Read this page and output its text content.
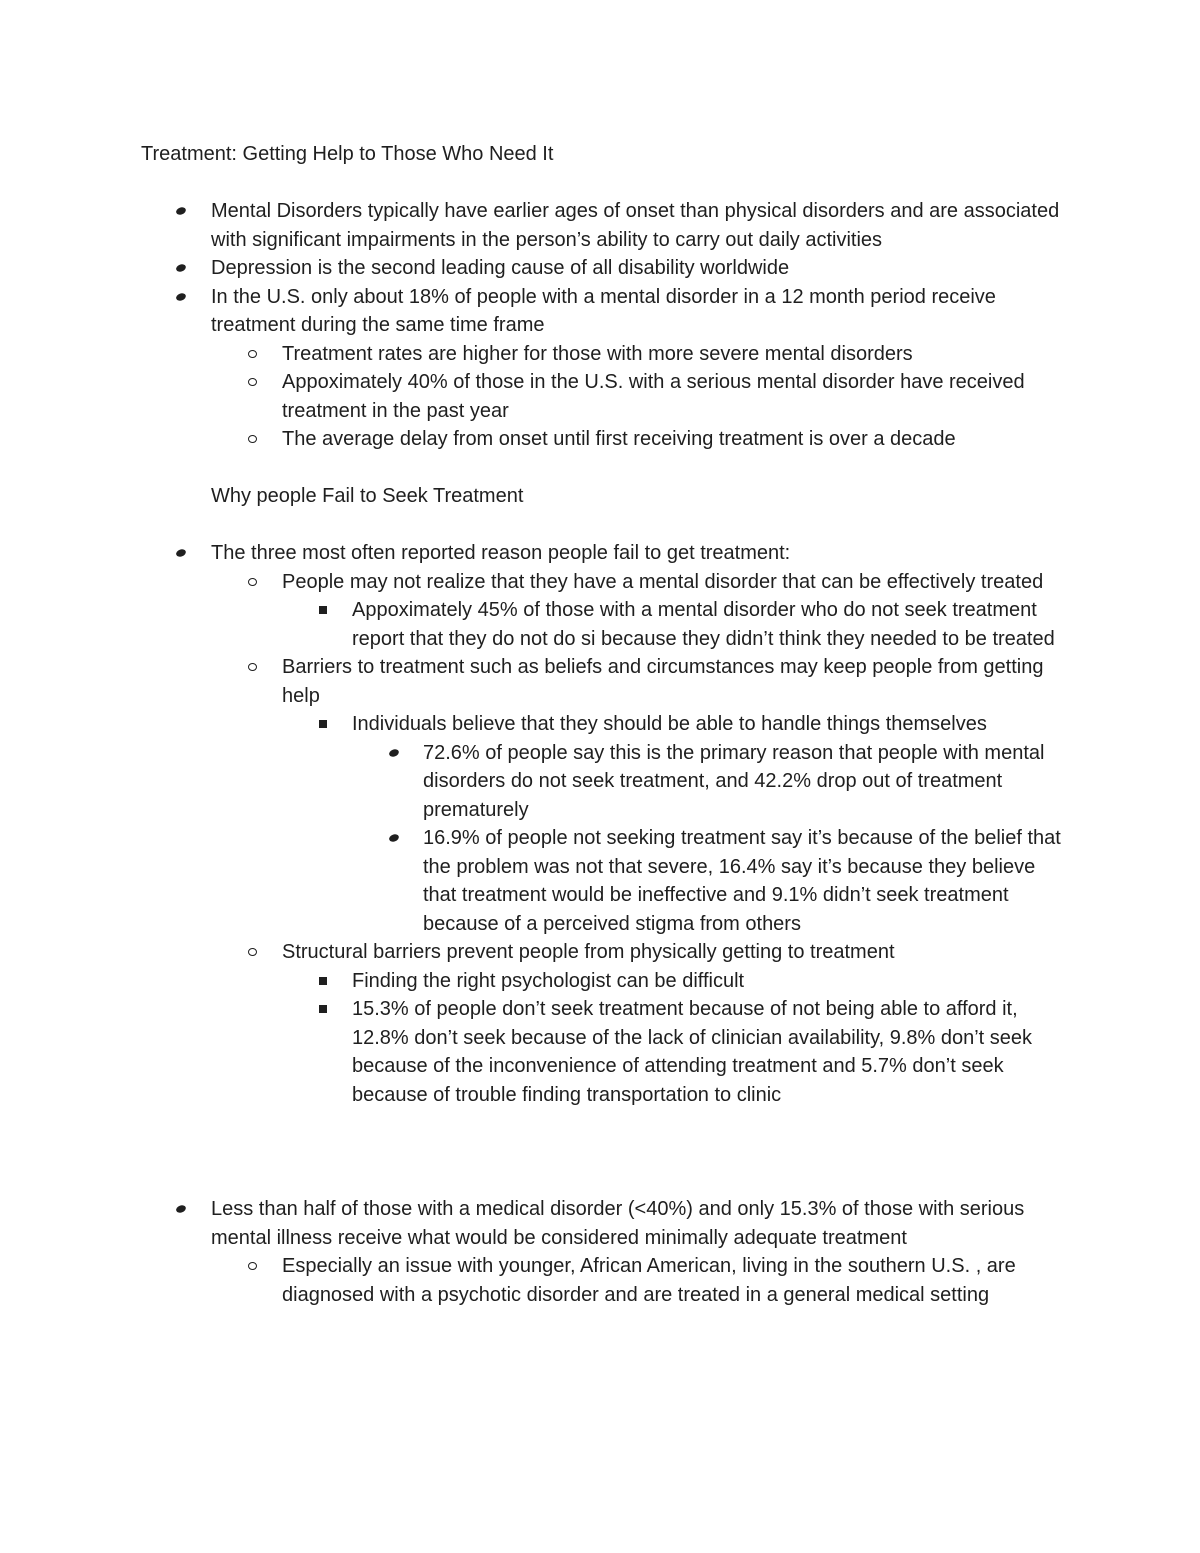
Treatment: Getting Help to Those Who Need It
Mental Disorders typically have earlier ages of onset than physical disorders and are associated with significant impairments in the person’s ability to carry out daily activities
Depression is the second leading cause of all disability worldwide
In the U.S. only about 18% of people with a mental disorder in a 12 month period receive treatment during the same time frame
Treatment rates are higher for those with more severe mental disorders
Appoximately 40% of those in the U.S. with a serious mental disorder have received treatment in the past year
The average delay from onset until first receiving treatment is over a decade
Why people Fail to Seek Treatment
The three most often reported reason people fail to get treatment:
People may not realize that they have a mental disorder that can be effectively treated
Appoximately 45% of those with a mental disorder who do not seek treatment report that they do not do si because they didn’t think they needed to be treated
Barriers to treatment such as beliefs and circumstances may keep people from getting help
Individuals believe that they should be able to handle things themselves
72.6% of people say this is the primary reason that people with mental disorders do not seek treatment, and 42.2% drop out of treatment prematurely
16.9% of people not seeking treatment say it’s because of the belief that the problem was not that severe, 16.4% say it’s because they believe that treatment would be ineffective and 9.1% didn’t seek treatment because of a perceived stigma from others
Structural barriers prevent people from physically getting to treatment
Finding the right psychologist can be difficult
15.3% of people don’t seek treatment because of not being able to afford it, 12.8% don’t seek because of the lack of clinician availability, 9.8% don’t seek because of the inconvenience of attending treatment and 5.7% don’t seek because of trouble finding transportation to clinic
Less than half of those with a medical disorder (<40%) and only 15.3% of those with serious mental illness receive what would be considered minimally adequate treatment
Especially an issue with younger, African American, living in the southern U.S. , are diagnosed with a psychotic disorder and are treated in a general medical setting
